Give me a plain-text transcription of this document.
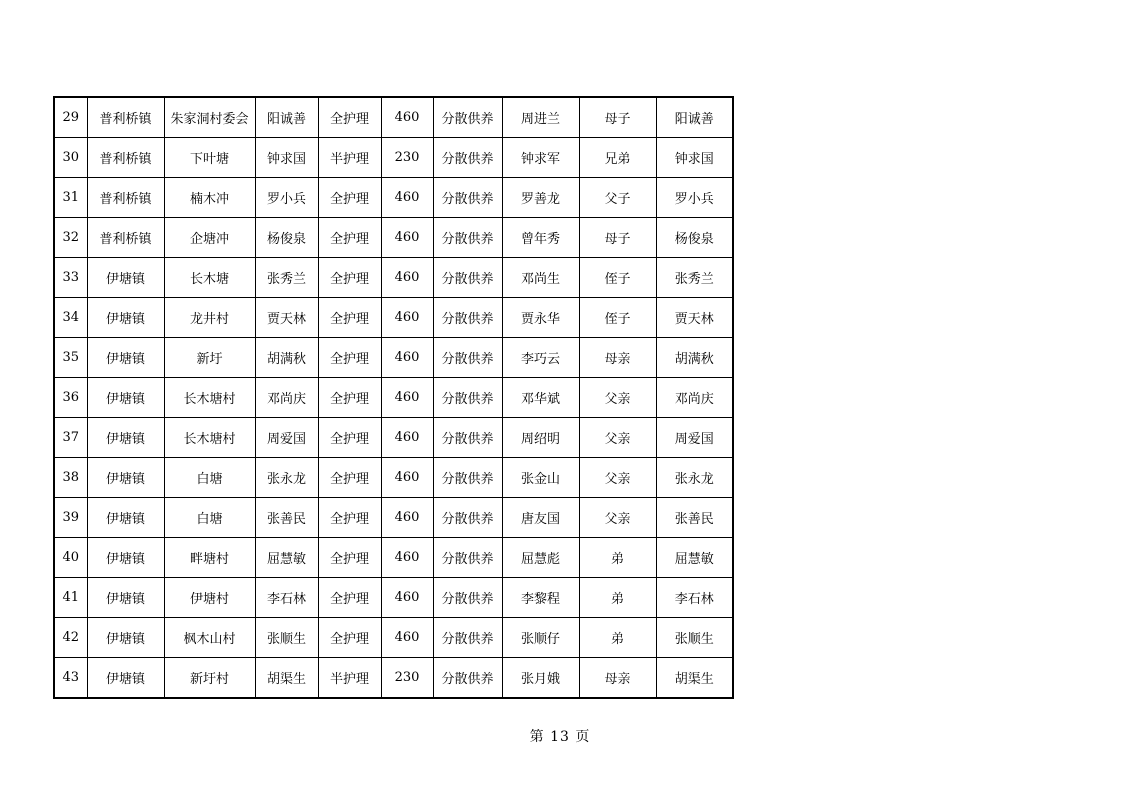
29	普利桥镇	朱家洞村委会	阳诚善	全护理	460	分散供养	周进兰	母子	阳诚善
30	普利桥镇	下叶塘	钟求国	半护理	230	分散供养	钟求军	兄弟	钟求国
31	普利桥镇	楠木冲	罗小兵	全护理	460	分散供养	罗善龙	父子	罗小兵
32	普利桥镇	企塘冲	杨俊泉	全护理	460	分散供养	曾年秀	母子	杨俊泉
33	伊塘镇	长木塘	张秀兰	全护理	460	分散供养	邓尚生	侄子	张秀兰
34	伊塘镇	龙井村	贾天林	全护理	460	分散供养	贾永华	侄子	贾天林
35	伊塘镇	新圩	胡满秋	全护理	460	分散供养	李巧云	母亲	胡满秋
36	伊塘镇	长木塘村	邓尚庆	全护理	460	分散供养	邓华斌	父亲	邓尚庆
37	伊塘镇	长木塘村	周爱国	全护理	460	分散供养	周绍明	父亲	周爱国
38	伊塘镇	白塘	张永龙	全护理	460	分散供养	张金山	父亲	张永龙
39	伊塘镇	白塘	张善民	全护理	460	分散供养	唐友国	父亲	张善民
40	伊塘镇	畔塘村	屈慧敏	全护理	460	分散供养	屈慧彪	弟	屈慧敏
41	伊塘镇	伊塘村	李石林	全护理	460	分散供养	李黎程	弟	李石林
42	伊塘镇	枫木山村	张顺生	全护理	460	分散供养	张顺仔	弟	张顺生
43	伊塘镇	新圩村	胡渠生	半护理	230	分散供养	张月娥	母亲	胡渠生
第 13 页
